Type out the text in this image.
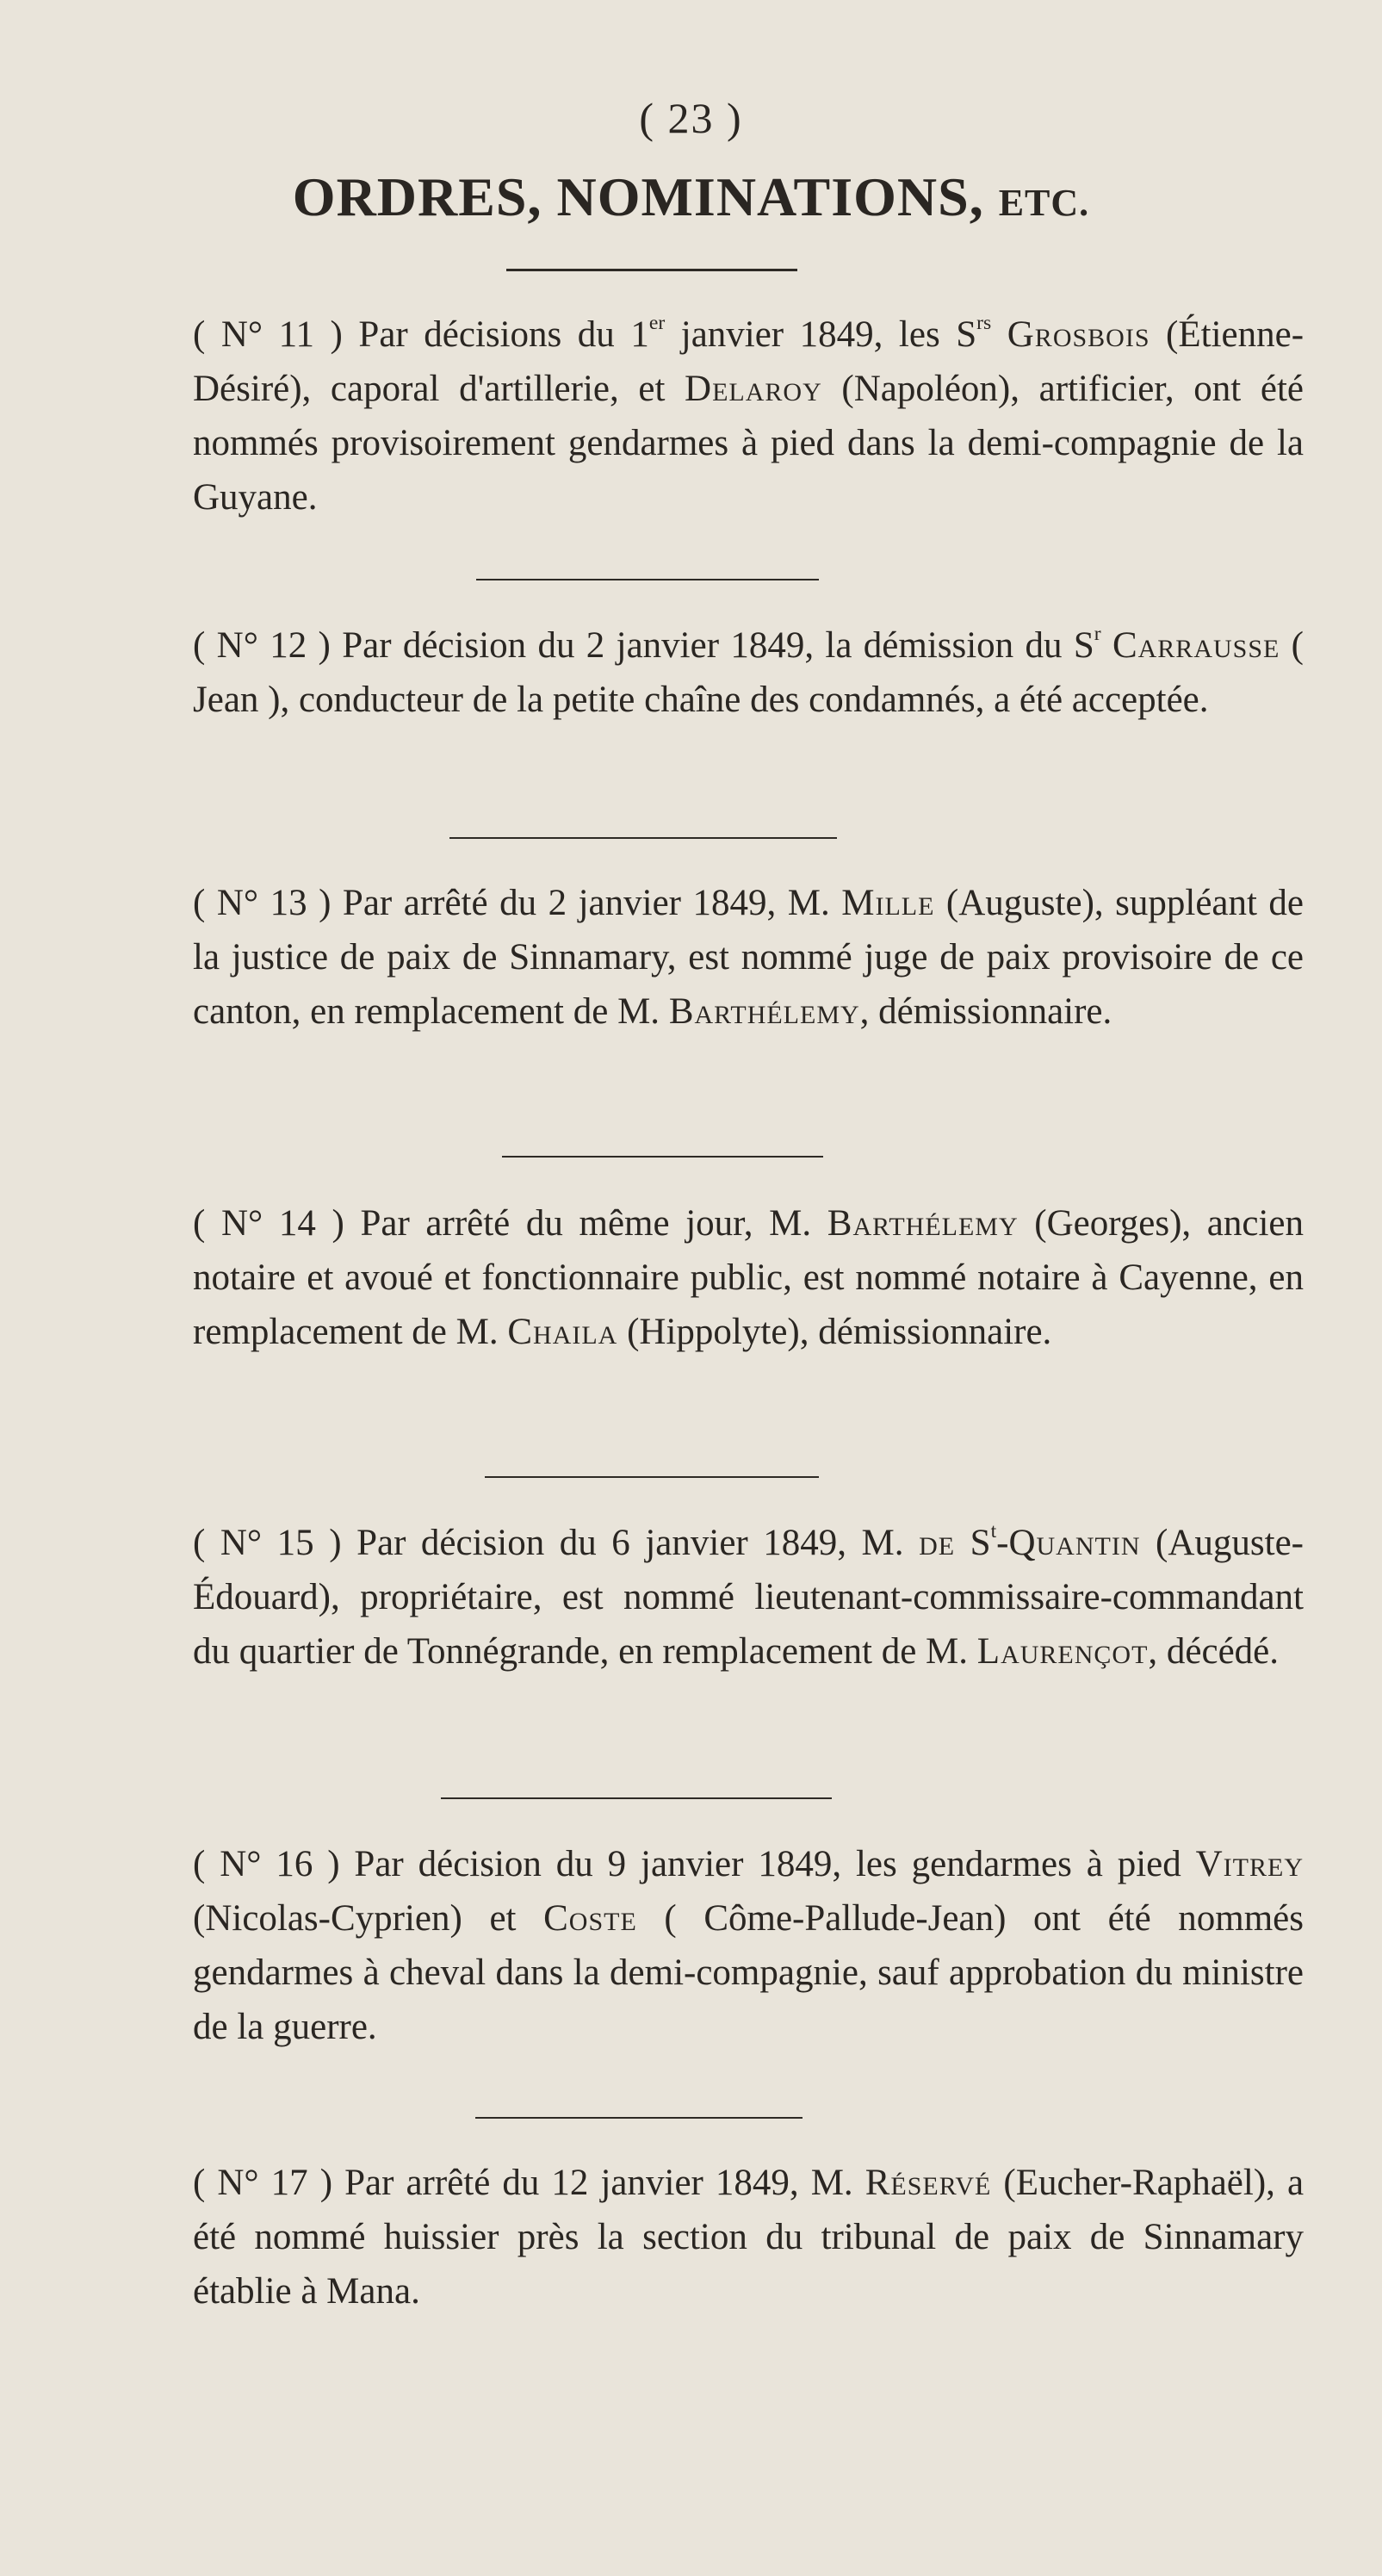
( 23 )
ORDRES, NOMINATIONS, ETC.

( N° 11 ) Par décisions du 1er janvier 1849, les $S^{rs}$ Grosbois (Étienne-Désiré), caporal d'artillerie, et Delaroy (Napoléon), artificier, ont été nommés provisoirement gendarmes à pied dans la demi-compagnie de la Guyane.

( N° 12 ) Par décision du 2 janvier 1849, la démission du $S^r$ Carrausse ( Jean ), conducteur de la petite chaîne des condamnés, a été acceptée.

( N° 13 ) Par arrêté du 2 janvier 1849, M. Mille (Auguste), suppléant de la justice de paix de Sinnamary, est nommé juge de paix provisoire de ce canton, en remplacement de M. Barthélemy, démissionnaire.

( N° 14 ) Par arrêté du même jour, M. Barthélemy (Georges), ancien notaire et avoué et fonctionnaire public, est nommé notaire à Cayenne, en remplacement de M. Chaila (Hippolyte), démissionnaire.

( N° 15 ) Par décision du 6 janvier 1849, M. de $S^t$-Quantin (Auguste-Édouard), propriétaire, est nommé lieutenant-commissaire-commandant du quartier de Tonnégrande, en remplacement de M. Laurençot, décédé.

( N° 16 ) Par décision du 9 janvier 1849, les gendarmes à pied Vitrey (Nicolas-Cyprien) et Coste ( Côme-Pallude-Jean) ont été nommés gendarmes à cheval dans la demi-compagnie, sauf approbation du ministre de la guerre.

( N° 17 ) Par arrêté du 12 janvier 1849, M. Réservé (Eucher-Raphaël), a été nommé huissier près la section du tribunal de paix de Sinnamary établie à Mana.
